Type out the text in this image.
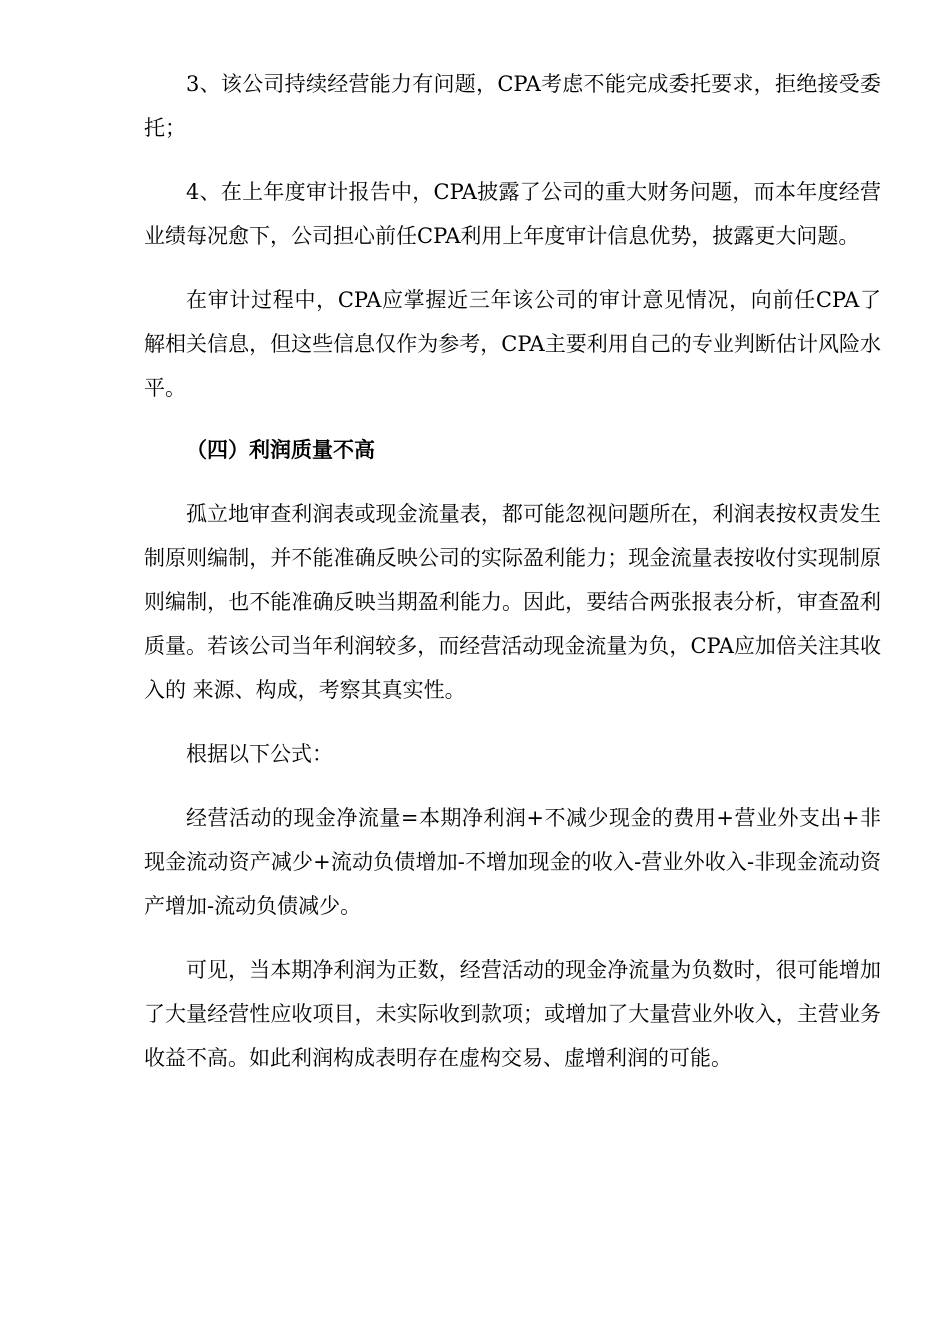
3、该公司持续经营能力有问题，CPA考虑不能完成委托要求，拒绝接受委托；

4、在上年度审计报告中，CPA披露了公司的重大财务问题，而本年度经营业绩每况愈下，公司担心前任CPA利用上年度审计信息优势，披露更大问题。

在审计过程中，CPA应掌握近三年该公司的审计意见情况，向前任CPA了解相关信息，但这些信息仅作为参考，CPA主要利用自己的专业判断估计风险水平。

（四）利润质量不高

孤立地审查利润表或现金流量表，都可能忽视问题所在，利润表按权责发生制原则编制，并不能准确反映公司的实际盈利能力；现金流量表按收付实现制原则编制，也不能准确反映当期盈利能力。因此，要结合两张报表分析，审查盈利质量。若该公司当年利润较多，而经营活动现金流量为负，CPA应加倍关注其收入的 来源、构成，考察其真实性。

根据以下公式：

经营活动的现金净流量=本期净利润+不减少现金的费用+营业外支出+非现金流动资产减少+流动负债增加-不增加现金的收入-营业外收入-非现金流动资产增加-流动负债减少。

可见，当本期净利润为正数，经营活动的现金净流量为负数时，很可能增加了大量经营性应收项目，未实际收到款项；或增加了大量营业外收入，主营业务收益不高。如此利润构成表明存在虚构交易、虚增利润的可能。
